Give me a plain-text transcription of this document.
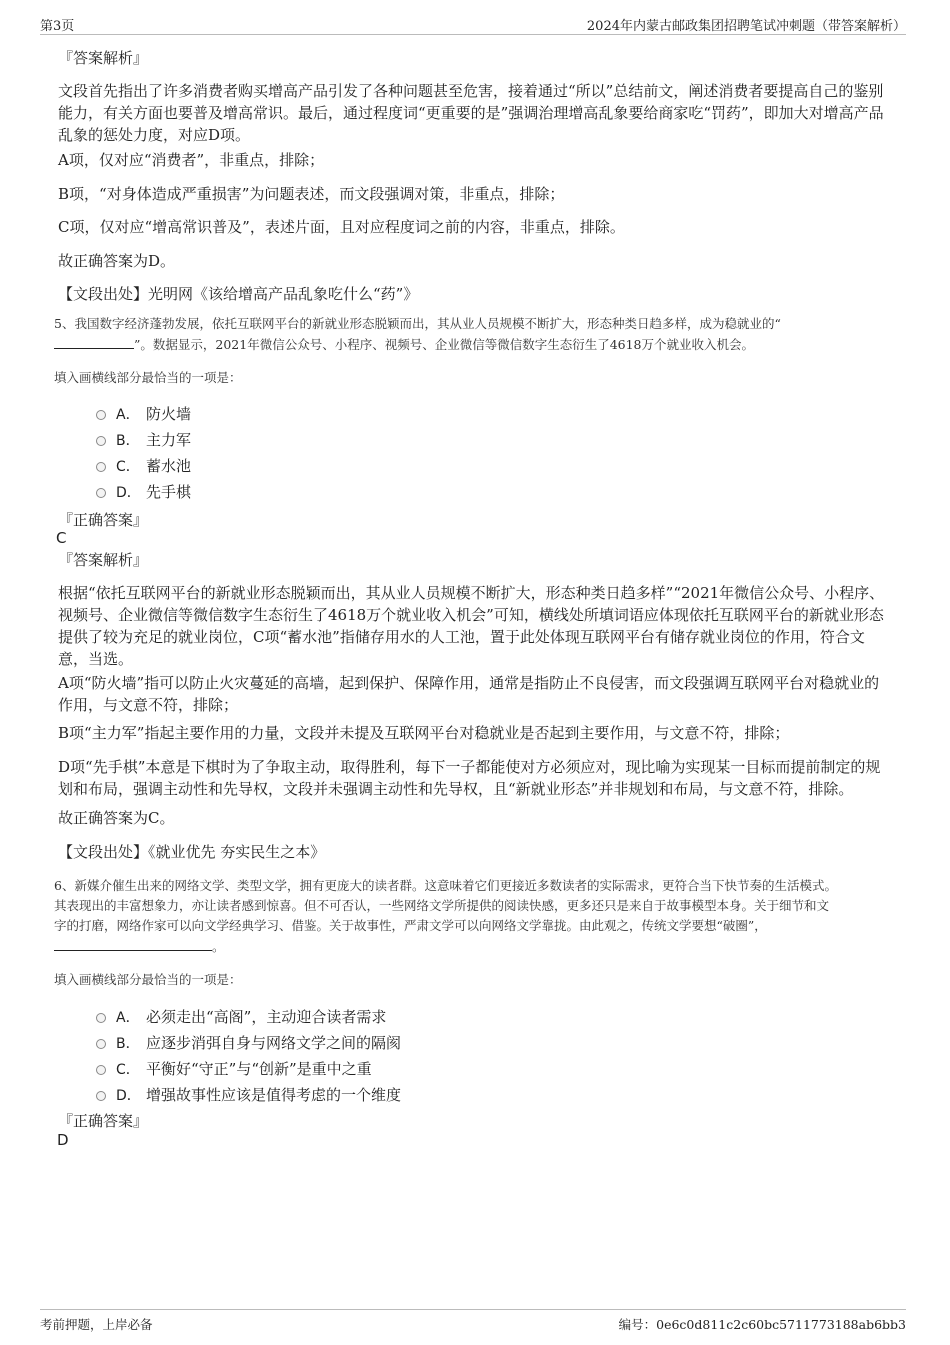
第3页	2024年内蒙古邮政集团招聘笔试冲刺题（带答案解析）
『答案解析』
文段首先指出了许多消费者购买增高产品引发了各种问题甚至危害，接着通过“所以”总结前文，阐述消费者要提高自己的鉴别能力，有关方面也要普及增高常识。最后，通过程度词“更重要的是”强调治理增高乱象要给商家吃“罚药”，即加大对增高产品乱象的惩处力度，对应D项。
A项，仅对应“消费者”，非重点，排除；
B项，“对身体造成严重损害”为问题表述，而文段强调对策，非重点，排除；
C项，仅对应“增高常识普及”，表述片面，且对应程度词之前的内容，非重点，排除。
故正确答案为D。
【文段出处】光明网《该给增高产品乱象吃什么“药”》
5、我国数字经济蓬勃发展，依托互联网平台的新就业形态脱颖而出，其从业人员规模不断扩大，形态种类日趋多样，成为稳就业的“
”。数据显示，2021年微信公众号、小程序、视频号、企业微信等微信数字生态衍生了4618万个就业收入机会。
填入画横线部分最恰当的一项是：
A． 防火墙
B． 主力军
C． 蓄水池
D． 先手棋
『正确答案』
C
『答案解析』
根据“依托互联网平台的新就业形态脱颖而出，其从业人员规模不断扩大，形态种类日趋多样”“2021年微信公众号、小程序、视频号、企业微信等微信数字生态衍生了4618万个就业收入机会”可知，横线处所填词语应体现依托互联网平台的新就业形态提供了较为充足的就业岗位，C项“蓄水池”指储存用水的人工池，置于此处体现互联网平台有储存就业岗位的作用，符合文意，当选。
A项“防火墙”指可以防止火灾蔓延的高墙，起到保护、保障作用，通常是指防止不良侵害，而文段强调互联网平台对稳就业的作用，与文意不符，排除；
B项“主力军”指起主要作用的力量，文段并未提及互联网平台对稳就业是否起到主要作用，与文意不符，排除；
D项“先手棋”本意是下棋时为了争取主动，取得胜利，每下一子都能使对方必须应对，现比喻为实现某一目标而提前制定的规划和布局，强调主动性和先导权，文段并未强调主动性和先导权，且“新就业形态”并非规划和布局，与文意不符，排除。
故正确答案为C。
【文段出处】《就业优先 夯实民生之本》
6、新媒介催生出来的网络文学、类型文学，拥有更庞大的读者群。这意味着它们更接近多数读者的实际需求，更符合当下快节奏的生活模式。
其表现出的丰富想象力，亦让读者感到惊喜。但不可否认，一些网络文学所提供的阅读快感，更多还只是来自于故事模型本身。关于细节和文
字的打磨，网络作家可以向文学经典学习、借鉴。关于故事性，严肃文学可以向网络文学靠拢。由此观之，传统文学要想“破圈”，
。
填入画横线部分最恰当的一项是：
A． 必须走出“高阁”，主动迎合读者需求
B． 应逐步消弭自身与网络文学之间的隔阂
C． 平衡好“守正”与“创新”是重中之重
D． 增强故事性应该是值得考虑的一个维度
『正确答案』
D
考前押题，上岸必备	编号：0e6c0d811c2c60bc5711773188ab6bb3
